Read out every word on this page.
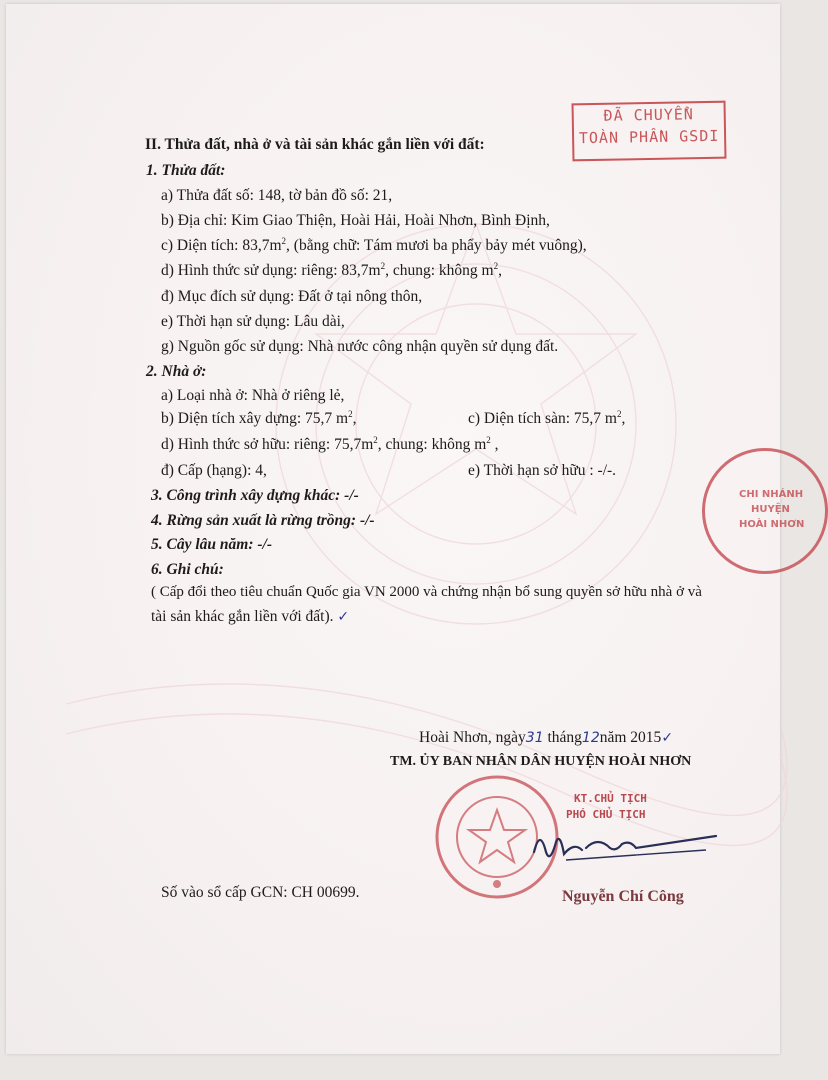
ĐÃ CHUYỂN
TOÀN PHẦN GSDI
II. Thửa đất, nhà ở và tài sản khác gắn liền với đất:
1. Thửa đất:
a) Thửa đất số: 148, tờ bản đồ số: 21,
b) Địa chỉ: Kim Giao Thiện, Hoài Hải, Hoài Nhơn, Bình Định,
c) Diện tích: $83,7m^2$, (bằng chữ: Tám mươi ba phẩy bảy mét vuông),
d) Hình thức sử dụng: riêng: $83,7m^2$, chung: không $m^2$,
đ) Mục đích sử dụng: Đất ở tại nông thôn,
e) Thời hạn sử dụng: Lâu dài,
g) Nguồn gốc sử dụng: Nhà nước công nhận quyền sử dụng đất.
2. Nhà ở:
a) Loại nhà ở: Nhà ở riêng lẻ,
b) Diện tích xây dựng: 75,7 $m^2$,	c) Diện tích sàn: 75,7 $m^2$,
d) Hình thức sở hữu: riêng: $75,7m^2$, chung: không $m^2$ ,
đ) Cấp (hạng): 4,	e) Thời hạn sở hữu : -/-.
3. Công trình xây dựng khác: -/-
4. Rừng sản xuất là rừng trồng: -/-
5. Cây lâu năm: -/-
6. Ghi chú:
( Cấp đổi theo tiêu chuẩn Quốc gia VN 2000 và chứng nhận bổ sung quyền sở hữu nhà ở và
tài sản khác gắn liền với đất). ✓
Hoài Nhơn, ngày31 tháng12năm 2015✓
TM. ỦY BAN NHÂN DÂN HUYỆN HOÀI NHƠN
KT.CHỦ TỊCH
PHÓ CHỦ TỊCH
Nguyễn Chí Công
Số vào sổ cấp GCN: CH 00699.
CHI NHÁNH
HUYỆN
HOÀI NHƠN
